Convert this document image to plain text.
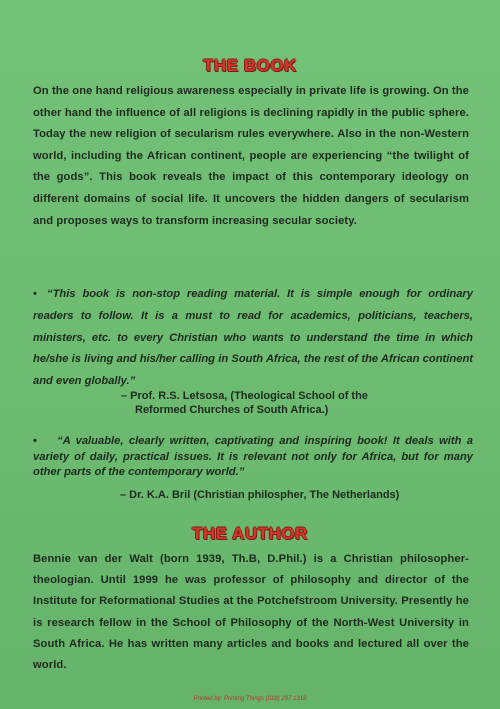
THE BOOK
On the one hand religious awareness especially in private life is growing. On the other hand the influence of all religions is declining rapidly in the public sphere. Today the new religion of secularism rules everywhere. Also in the non-Western world, including the African continent, people are experiencing “the twilight of the gods”. This book reveals the impact of this contemporary ideology on different domains of social life. It uncovers the hidden dangers of secularism and proposes ways to transform increasing secular society.
• “This book is non-stop reading material. It is simple enough for ordinary readers to follow. It is a must to read for academics, politicians, teachers, ministers, etc. to every Christian who wants to understand the time in which he/she is living and his/her calling in South Africa, the rest of the African continent and even globally.”
– Prof. R.S. Letsosa, (Theological School of the
Reformed Churches of South Africa.)
• “A valuable, clearly written, captivating and inspiring book! It deals with a variety of daily, practical issues. It is relevant not only for Africa, but for many other parts of the contemporary world.”
– Dr. K.A. Bril (Christian philospher, The Netherlands)
THE AUTHOR
Bennie van der Walt (born 1939, Th.B, D.Phil.) is a Christian philosopher-theologian. Until 1999 he was professor of philosophy and director of the Institute for Reformational Studies at the Potchefstroom University. Presently he is research fellow in the School of Philosophy of the North-West University in South Africa. He has written many articles and books and lectured all over the world.
Printed by: Printing Things (018) 297 1318
